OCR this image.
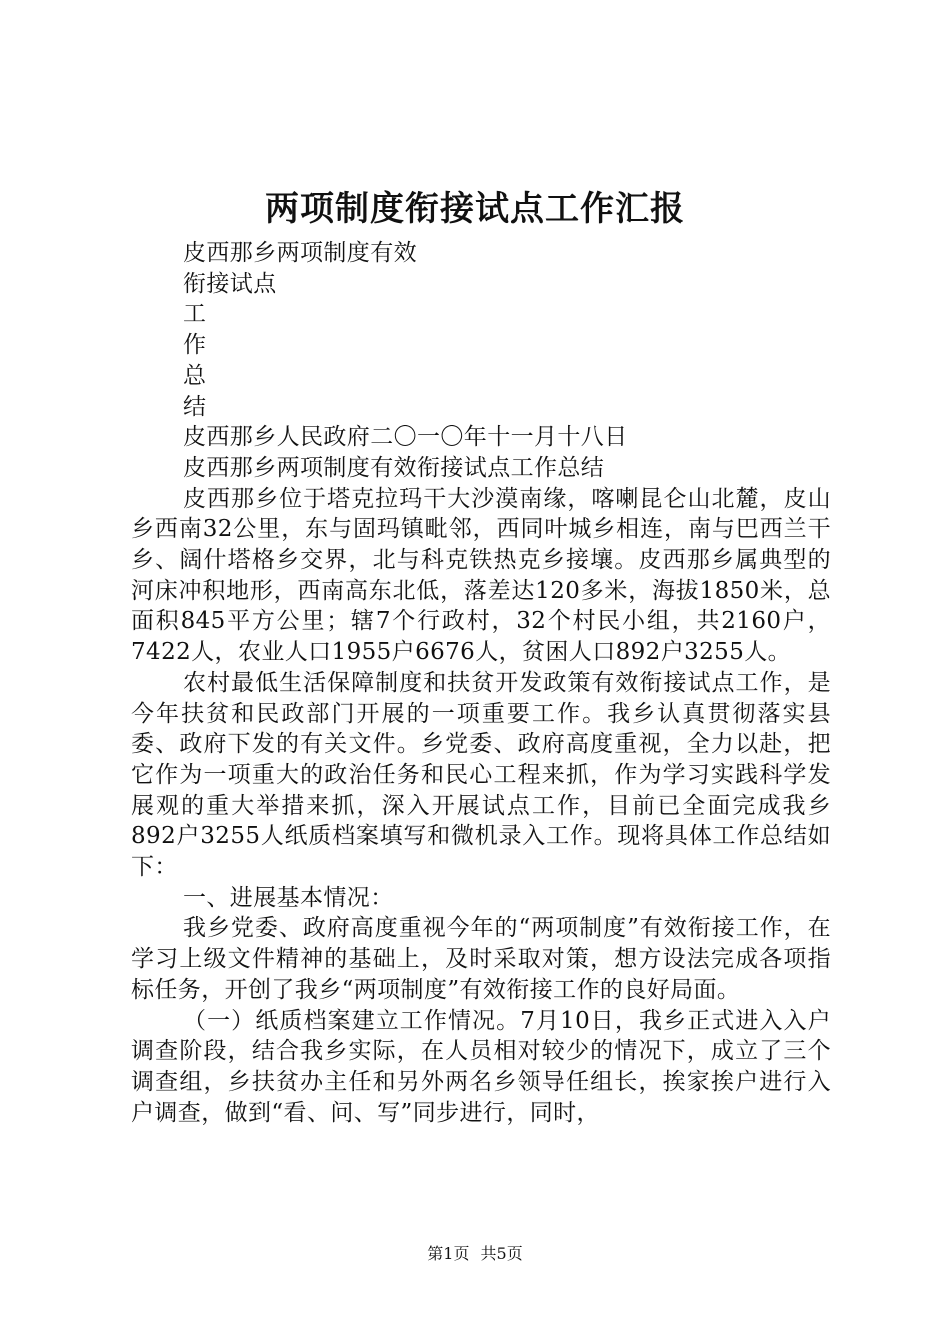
两项制度衔接试点工作汇报

皮西那乡两项制度有效

衔接试点

工

作

总

结

皮西那乡人民政府二〇一〇年十一月十八日

皮西那乡两项制度有效衔接试点工作总结

皮西那乡位于塔克拉玛干大沙漠南缘，喀喇昆仑山北麓，皮山乡西南32公里，东与固玛镇毗邻，西同叶城乡相连，南与巴西兰干乡、阔什塔格乡交界，北与科克铁热克乡接壤。皮西那乡属典型的河床冲积地形，西南高东北低，落差达120多米，海拔1850米，总面积845平方公里；辖7个行政村，32个村民小组，共2160户，7422人，农业人口1955户6676人，贫困人口892户3255人。

农村最低生活保障制度和扶贫开发政策有效衔接试点工作，是今年扶贫和民政部门开展的一项重要工作。我乡认真贯彻落实县委、政府下发的有关文件。乡党委、政府高度重视，全力以赴，把它作为一项重大的政治任务和民心工程来抓，作为学习实践科学发展观的重大举措来抓，深入开展试点工作，目前已全面完成我乡892户3255人纸质档案填写和微机录入工作。现将具体工作总结如下：

一、进展基本情况：

我乡党委、政府高度重视今年的“两项制度”有效衔接工作，在学习上级文件精神的基础上，及时采取对策，想方设法完成各项指标任务，开创了我乡“两项制度”有效衔接工作的良好局面。

（一）纸质档案建立工作情况。7月10日，我乡正式进入入户调查阶段，结合我乡实际，在人员相对较少的情况下，成立了三个调查组，乡扶贫办主任和另外两名乡领导任组长，挨家挨户进行入户调查，做到“看、问、写”同步进行，同时，

第1页 共5页
